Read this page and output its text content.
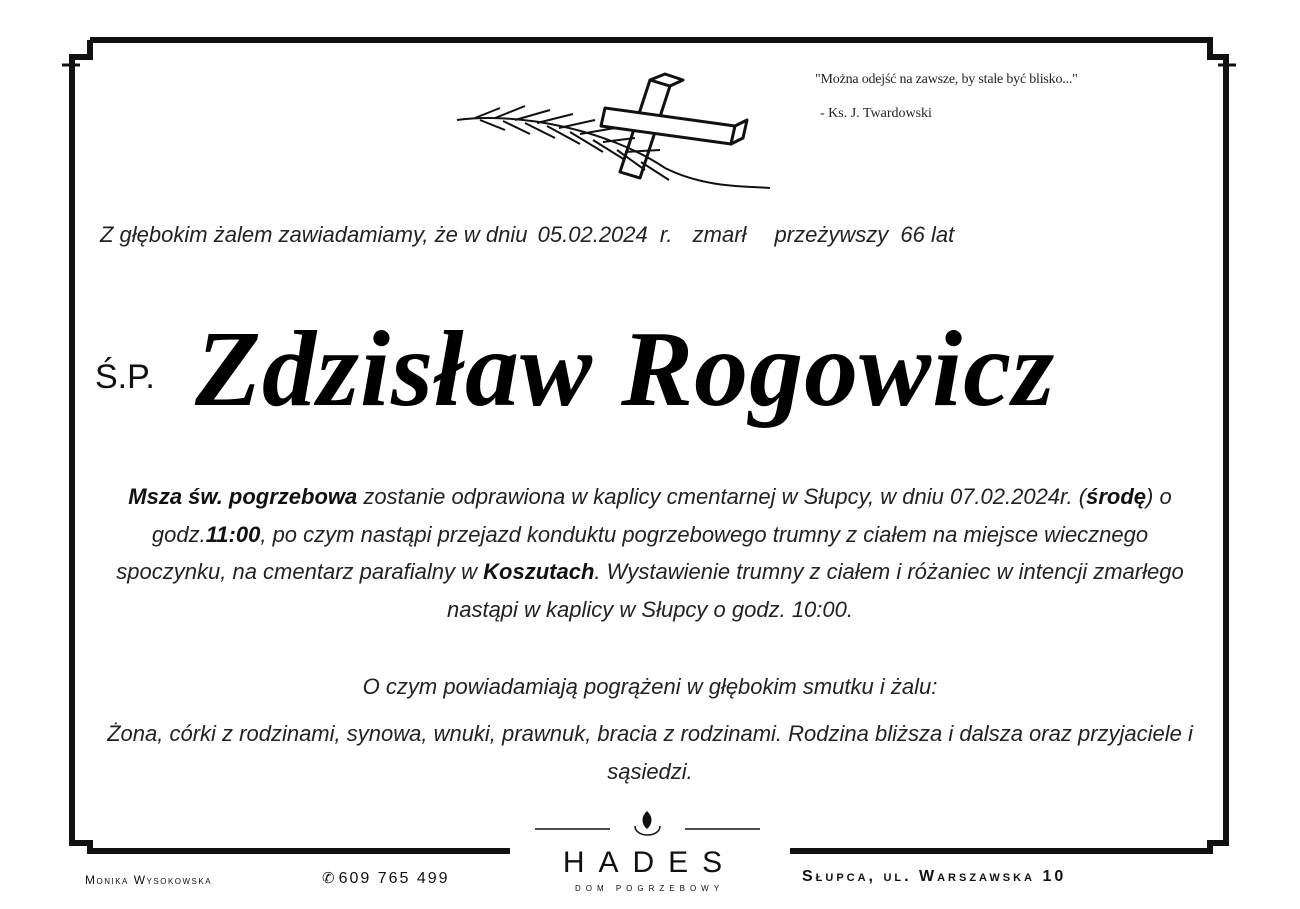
"Można odejść na zawsze, by stale być blisko..."
- Ks. J. Twardowski
Z głębokim żalem zawiadamiamy, że w dniu 05.02.2024 r. zmarł przeżywszy 66 lat
Ś.P. Zdzisław Rogowicz
Msza św. pogrzebowa zostanie odprawiona w kaplicy cmentarnej w Słupcy, w dniu 07.02.2024r. (środę) o godz.11:00, po czym nastąpi przejazd konduktu pogrzebowego trumny z ciałem na miejsce wiecznego spoczynku, na cmentarz parafialny w Koszutach. Wystawienie trumny z ciałem i różaniec w intencji zmarłego nastąpi w kaplicy w Słupcy o godz. 10:00.
O czym powiadamiają pogrążeni w głębokim smutku i żalu:
Żona, córki z rodzinami, synowa, wnuki, prawnuk, bracia z rodzinami. Rodzina bliższa i dalsza oraz przyjaciele i sąsiedzi.
Monika Wysokowska	✆ 609 765 499	HADES
DOM POGRZEBOWY
Słupca, ul. Warszawska 10
